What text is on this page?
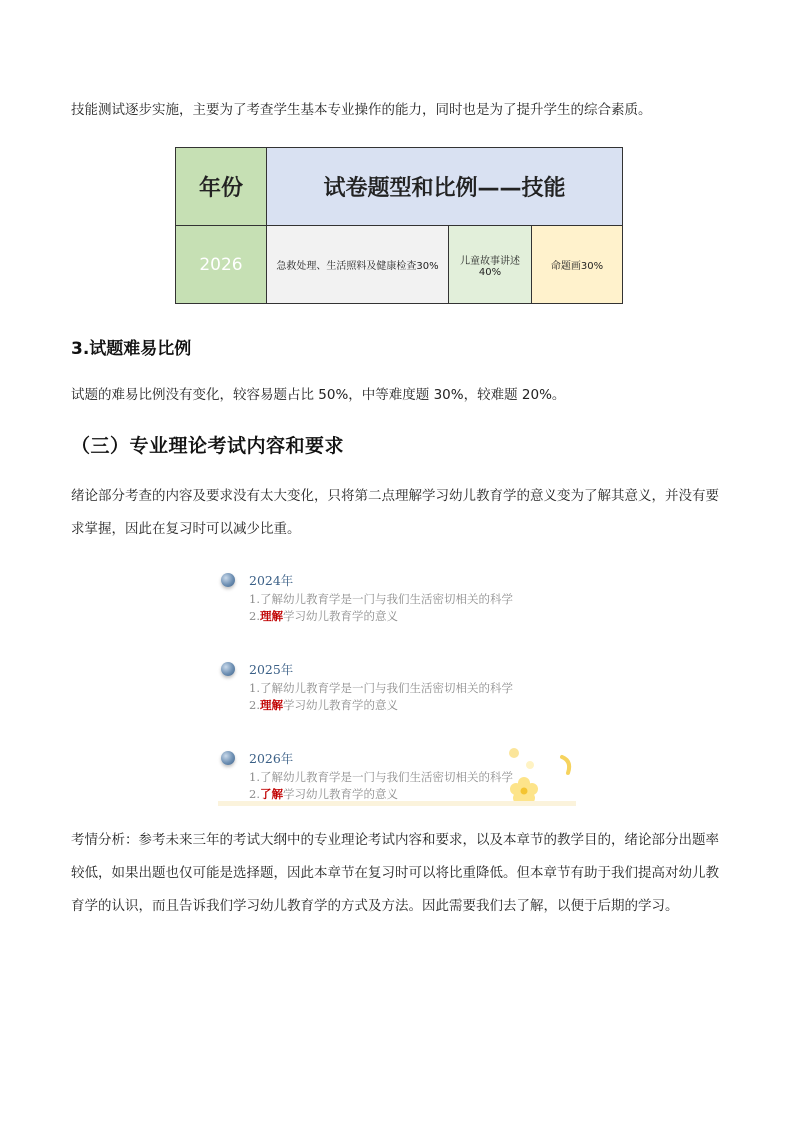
技能测试逐步实施，主要为了考查学生基本专业操作的能力，同时也是为了提升学生的综合素质。
年份	试卷题型和比例——技能		
2026	急救处理、生活照料及健康检查30%	儿童故事讲述40%	命题画30%
3.试题难易比例
试题的难易比例没有变化，较容易题占比 50%，中等难度题 30%，较难题 20%。
（三）专业理论考试内容和要求
绪论部分考查的内容及要求没有太大变化，只将第二点理解学习幼儿教育学的意义变为了解其意义，并没有要求掌握，因此在复习时可以减少比重。
2024年
1.了解幼儿教育学是一门与我们生活密切相关的科学
2.理解学习幼儿教育学的意义
2025年
1.了解幼儿教育学是一门与我们生活密切相关的科学
2.理解学习幼儿教育学的意义
2026年
1.了解幼儿教育学是一门与我们生活密切相关的科学
2.了解学习幼儿教育学的意义
考情分析：参考未来三年的考试大纲中的专业理论考试内容和要求，以及本章节的教学目的，绪论部分出题率较低，如果出题也仅可能是选择题，因此本章节在复习时可以将比重降低。但本章节有助于我们提高对幼儿教育学的认识，而且告诉我们学习幼儿教育学的方式及方法。因此需要我们去了解，以便于后期的学习。
